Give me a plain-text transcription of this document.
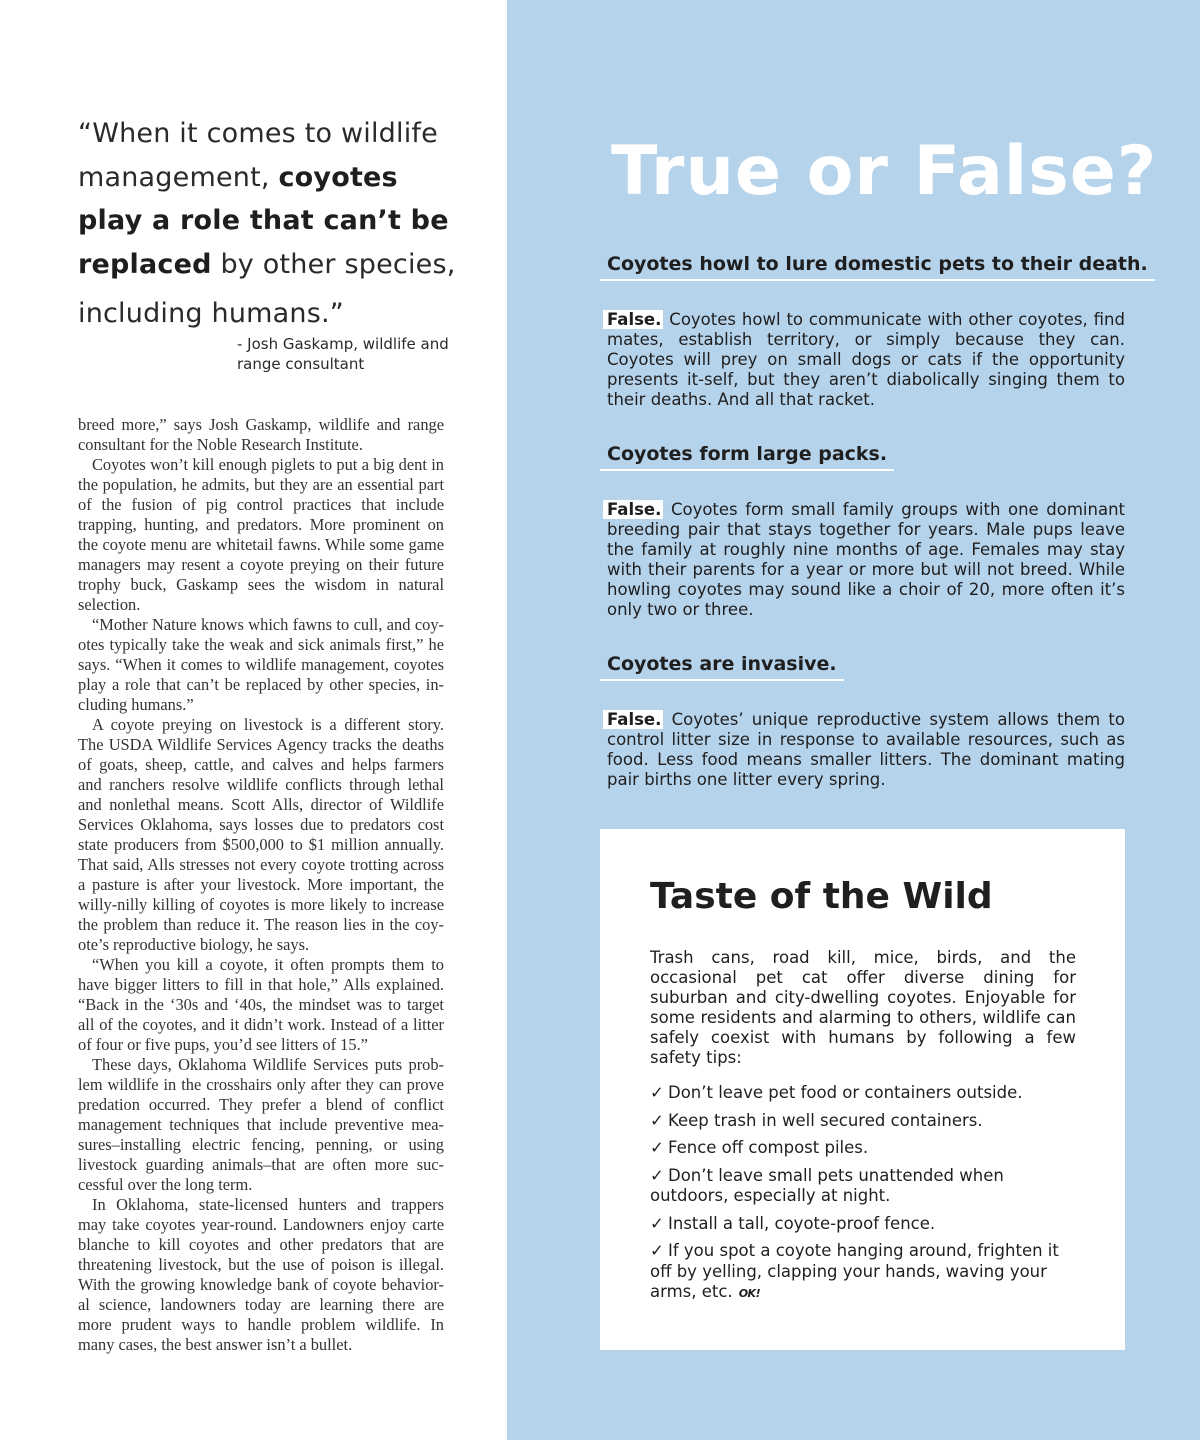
“When it comes to wildlife management, coyotes play a role that can’t be replaced by other species,
including humans.”
- Josh Gaskamp, wildlife and range consultant

breed more,” says Josh Gaskamp, wildlife and range consultant for the Noble Research Institute.

Coyotes won’t kill enough piglets to put a big dent in the population, he admits, but they are an essential part of the fusion of pig control practices that include trapping, hunting, and predators. More prominent on the coyote menu are whitetail fawns. While some game managers may resent a coyote preying on their future trophy buck, Gaskamp sees the wisdom in natural selection.

“Mother Nature knows which fawns to cull, and coy-otes typically take the weak and sick animals first,” he says. “When it comes to wildlife management, coyotes play a role that can’t be replaced by other species, in-cluding humans.”

A coyote preying on livestock is a different story. The USDA Wildlife Services Agency tracks the deaths of goats, sheep, cattle, and calves and helps farmers and ranchers resolve wildlife conflicts through lethal and nonlethal means. Scott Alls, director of Wildlife Services Oklahoma, says losses due to predators cost state producers from $500,000 to $1 million annually. That said, Alls stresses not every coyote trotting across a pasture is after your livestock. More important, the willy-nilly killing of coyotes is more likely to increase the problem than reduce it. The reason lies in the coy-ote’s reproductive biology, he says.

“When you kill a coyote, it often prompts them to have bigger litters to fill in that hole,” Alls explained. “Back in the ‘30s and ‘40s, the mindset was to target all of the coyotes, and it didn’t work. Instead of a litter of four or five pups, you’d see litters of 15.”

These days, Oklahoma Wildlife Services puts prob-lem wildlife in the crosshairs only after they can prove predation occurred. They prefer a blend of conflict management techniques that include preventive mea-sures–installing electric fencing, penning, or using livestock guarding animals–that are often more suc-cessful over the long term.

In Oklahoma, state-licensed hunters and trappers may take coyotes year-round. Landowners enjoy carte blanche to kill coyotes and other predators that are threatening livestock, but the use of poison is illegal. With the growing knowledge bank of coyote behavior-al science, landowners today are learning there are more prudent ways to handle problem wildlife. In many cases, the best answer isn’t a bullet.

True or False?
Coyotes howl to lure domestic pets to their death.
False. Coyotes howl to communicate with other coyotes, find mates, establish territory, or simply because they can. Coyotes will prey on small dogs or cats if the opportunity presents it-self, but they aren’t diabolically singing them to their deaths. And all that racket.
Coyotes form large packs.
False. Coyotes form small family groups with one dominant breeding pair that stays together for years. Male pups leave the family at roughly nine months of age. Females may stay with their parents for a year or more but will not breed. While howling coyotes may sound like a choir of 20, more often it’s only two or three.
Coyotes are invasive.
False. Coyotes’ unique reproductive system allows them to control litter size in response to available resources, such as food. Less food means smaller litters. The dominant mating pair births one litter every spring.
Taste of the Wild
Trash cans, road kill, mice, birds, and the occasional pet cat offer diverse dining for suburban and city-dwelling coyotes. Enjoyable for some residents and alarming to others, wildlife can safely coexist with humans by following a few safety tips:
✓ Don’t leave pet food or containers outside.
✓ Keep trash in well secured containers.
✓ Fence off compost piles.
✓ Don’t leave small pets unattended when outdoors, especially at night.
✓ Install a tall, coyote-proof fence.
✓ If you spot a coyote hanging around, frighten it off by yelling, clapping your hands, waving your arms, etc. OK!
